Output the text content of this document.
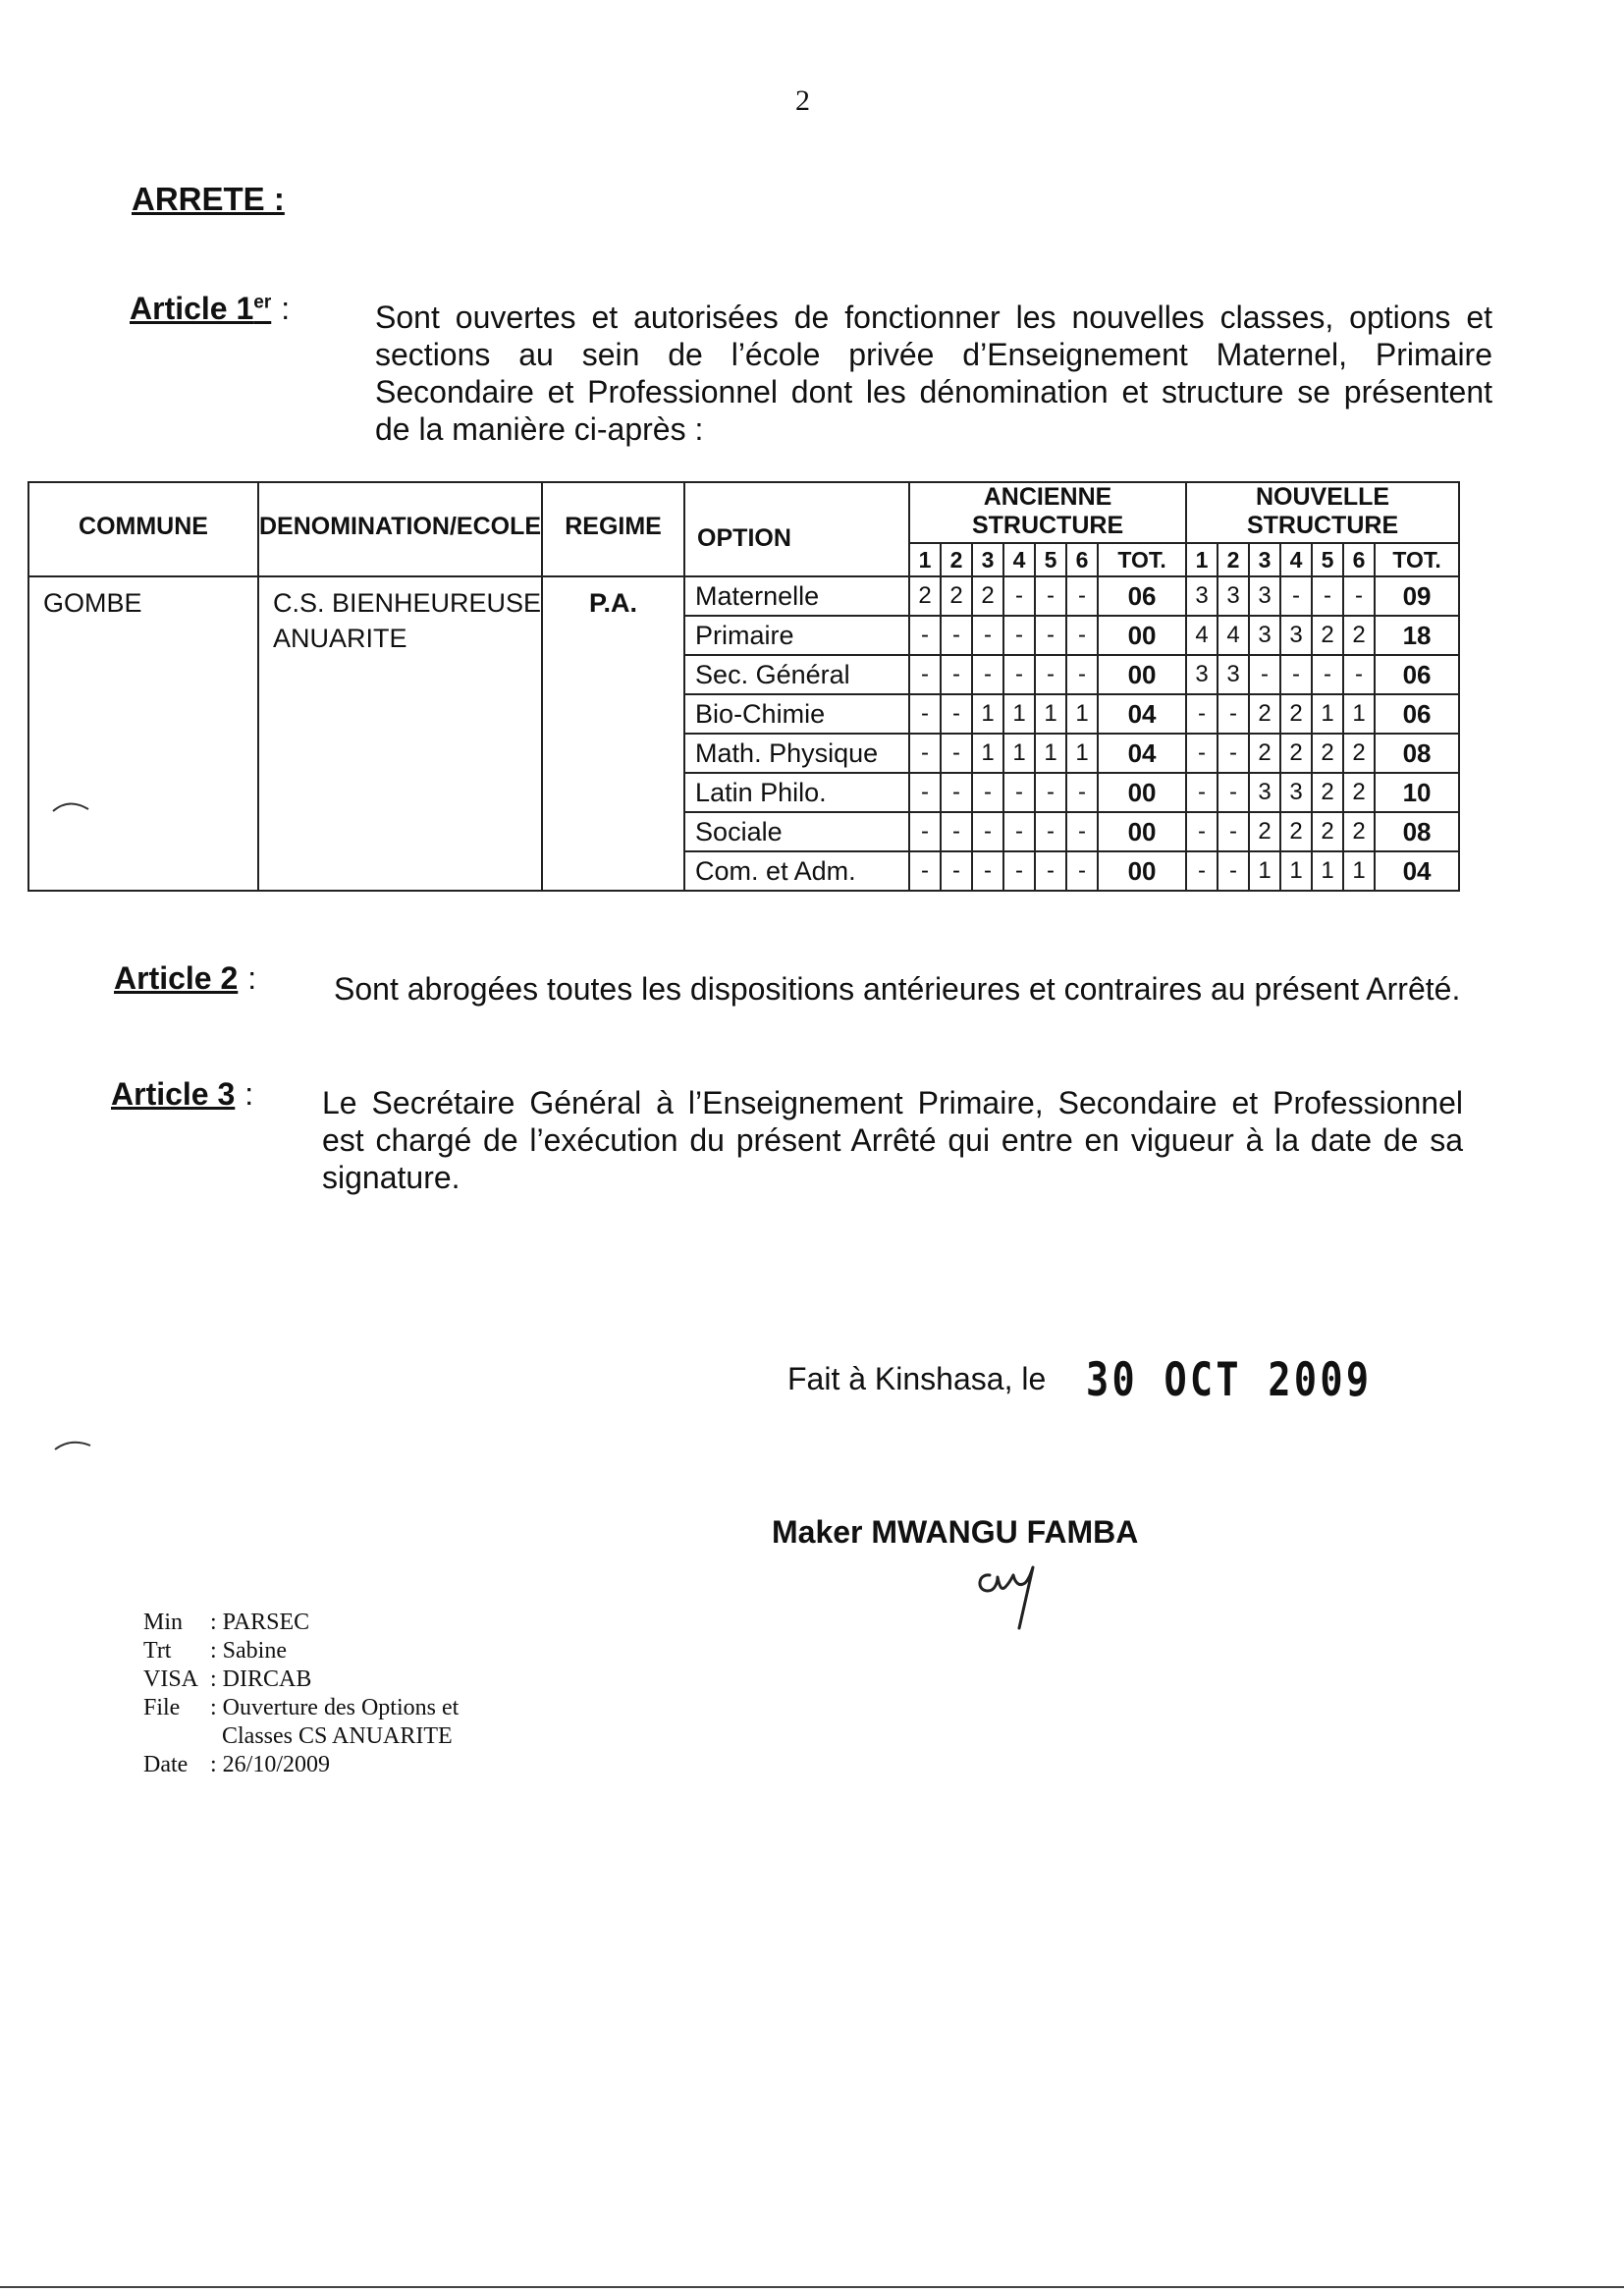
2
ARRETE :
Article 1er :	Sont ouvertes et autorisées de fonctionner les nouvelles classes, options et sections au sein de l’école privée d’Enseignement Maternel, Primaire Secondaire et Professionnel dont les dénomination et structure se présentent de la manière ci-après :
COMMUNE	DENOMINATION/ECOLE	REGIME	OPTION	ANCIENNE STRUCTURE							NOUVELLE STRUCTURE						
				1	2	3	4	5	6	TOT.	1	2	3	4	5	6	TOT.
GOMBE	C.S. BIENHEUREUSE ANUARITE	P.A.	Maternelle	2	2	2	-	-	-	06	3	3	3	-	-	-	09
			Primaire	-	-	-	-	-	-	00	4	4	3	3	2	2	18
			Sec. Général	-	-	-	-	-	-	00	3	3	-	-	-	-	06
			Bio-Chimie	-	-	1	1	1	1	04	-	-	2	2	1	1	06
			Math. Physique	-	-	1	1	1	1	04	-	-	2	2	2	2	08
			Latin Philo.	-	-	-	-	-	-	00	-	-	3	3	2	2	10
			Sociale	-	-	-	-	-	-	00	-	-	2	2	2	2	08
			Com. et Adm.	-	-	-	-	-	-	00	-	-	1	1	1	1	04
Article 2 : Sont abrogées toutes les dispositions antérieures et contraires au présent Arrêté.
Article 3 : Le Secrétaire Général à l’Enseignement Primaire, Secondaire et Professionnel est chargé de l’exécution du présent Arrêté qui entre en vigueur à la date de sa signature.
Fait à Kinshasa, le 30 OCT 2009
Maker MWANGU FAMBA
Min : PARSEC
Trt : Sabine
VISA : DIRCAB
File : Ouverture des Options et
Classes CS ANUARITE
Date : 26/10/2009
